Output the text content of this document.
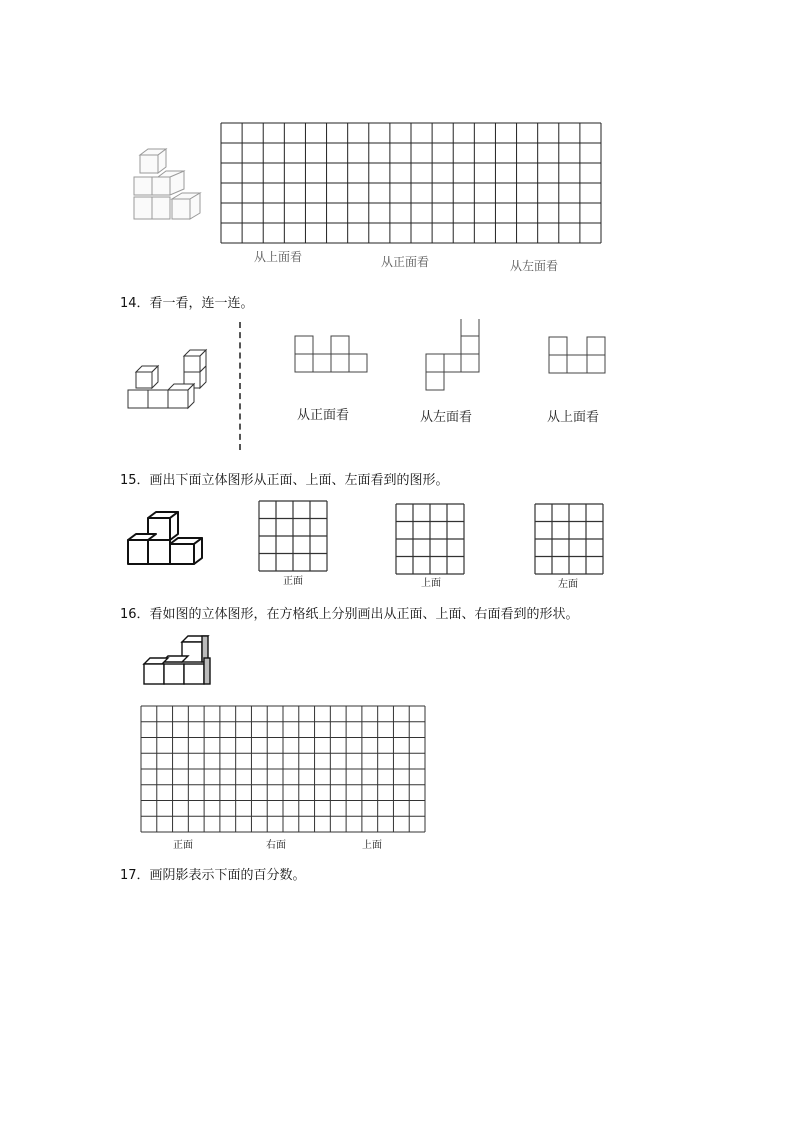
从上面看	从正面看	从左面看
14．看一看，连一连。
从正面看	从左面看	从上面看
15．画出下面立体图形从正面、上面、左面看到的图形。
正面	上面	左面
16．看如图的立体图形，在方格纸上分别画出从正面、上面、右面看到的形状。
正面	右面	上面
17．画阴影表示下面的百分数。
